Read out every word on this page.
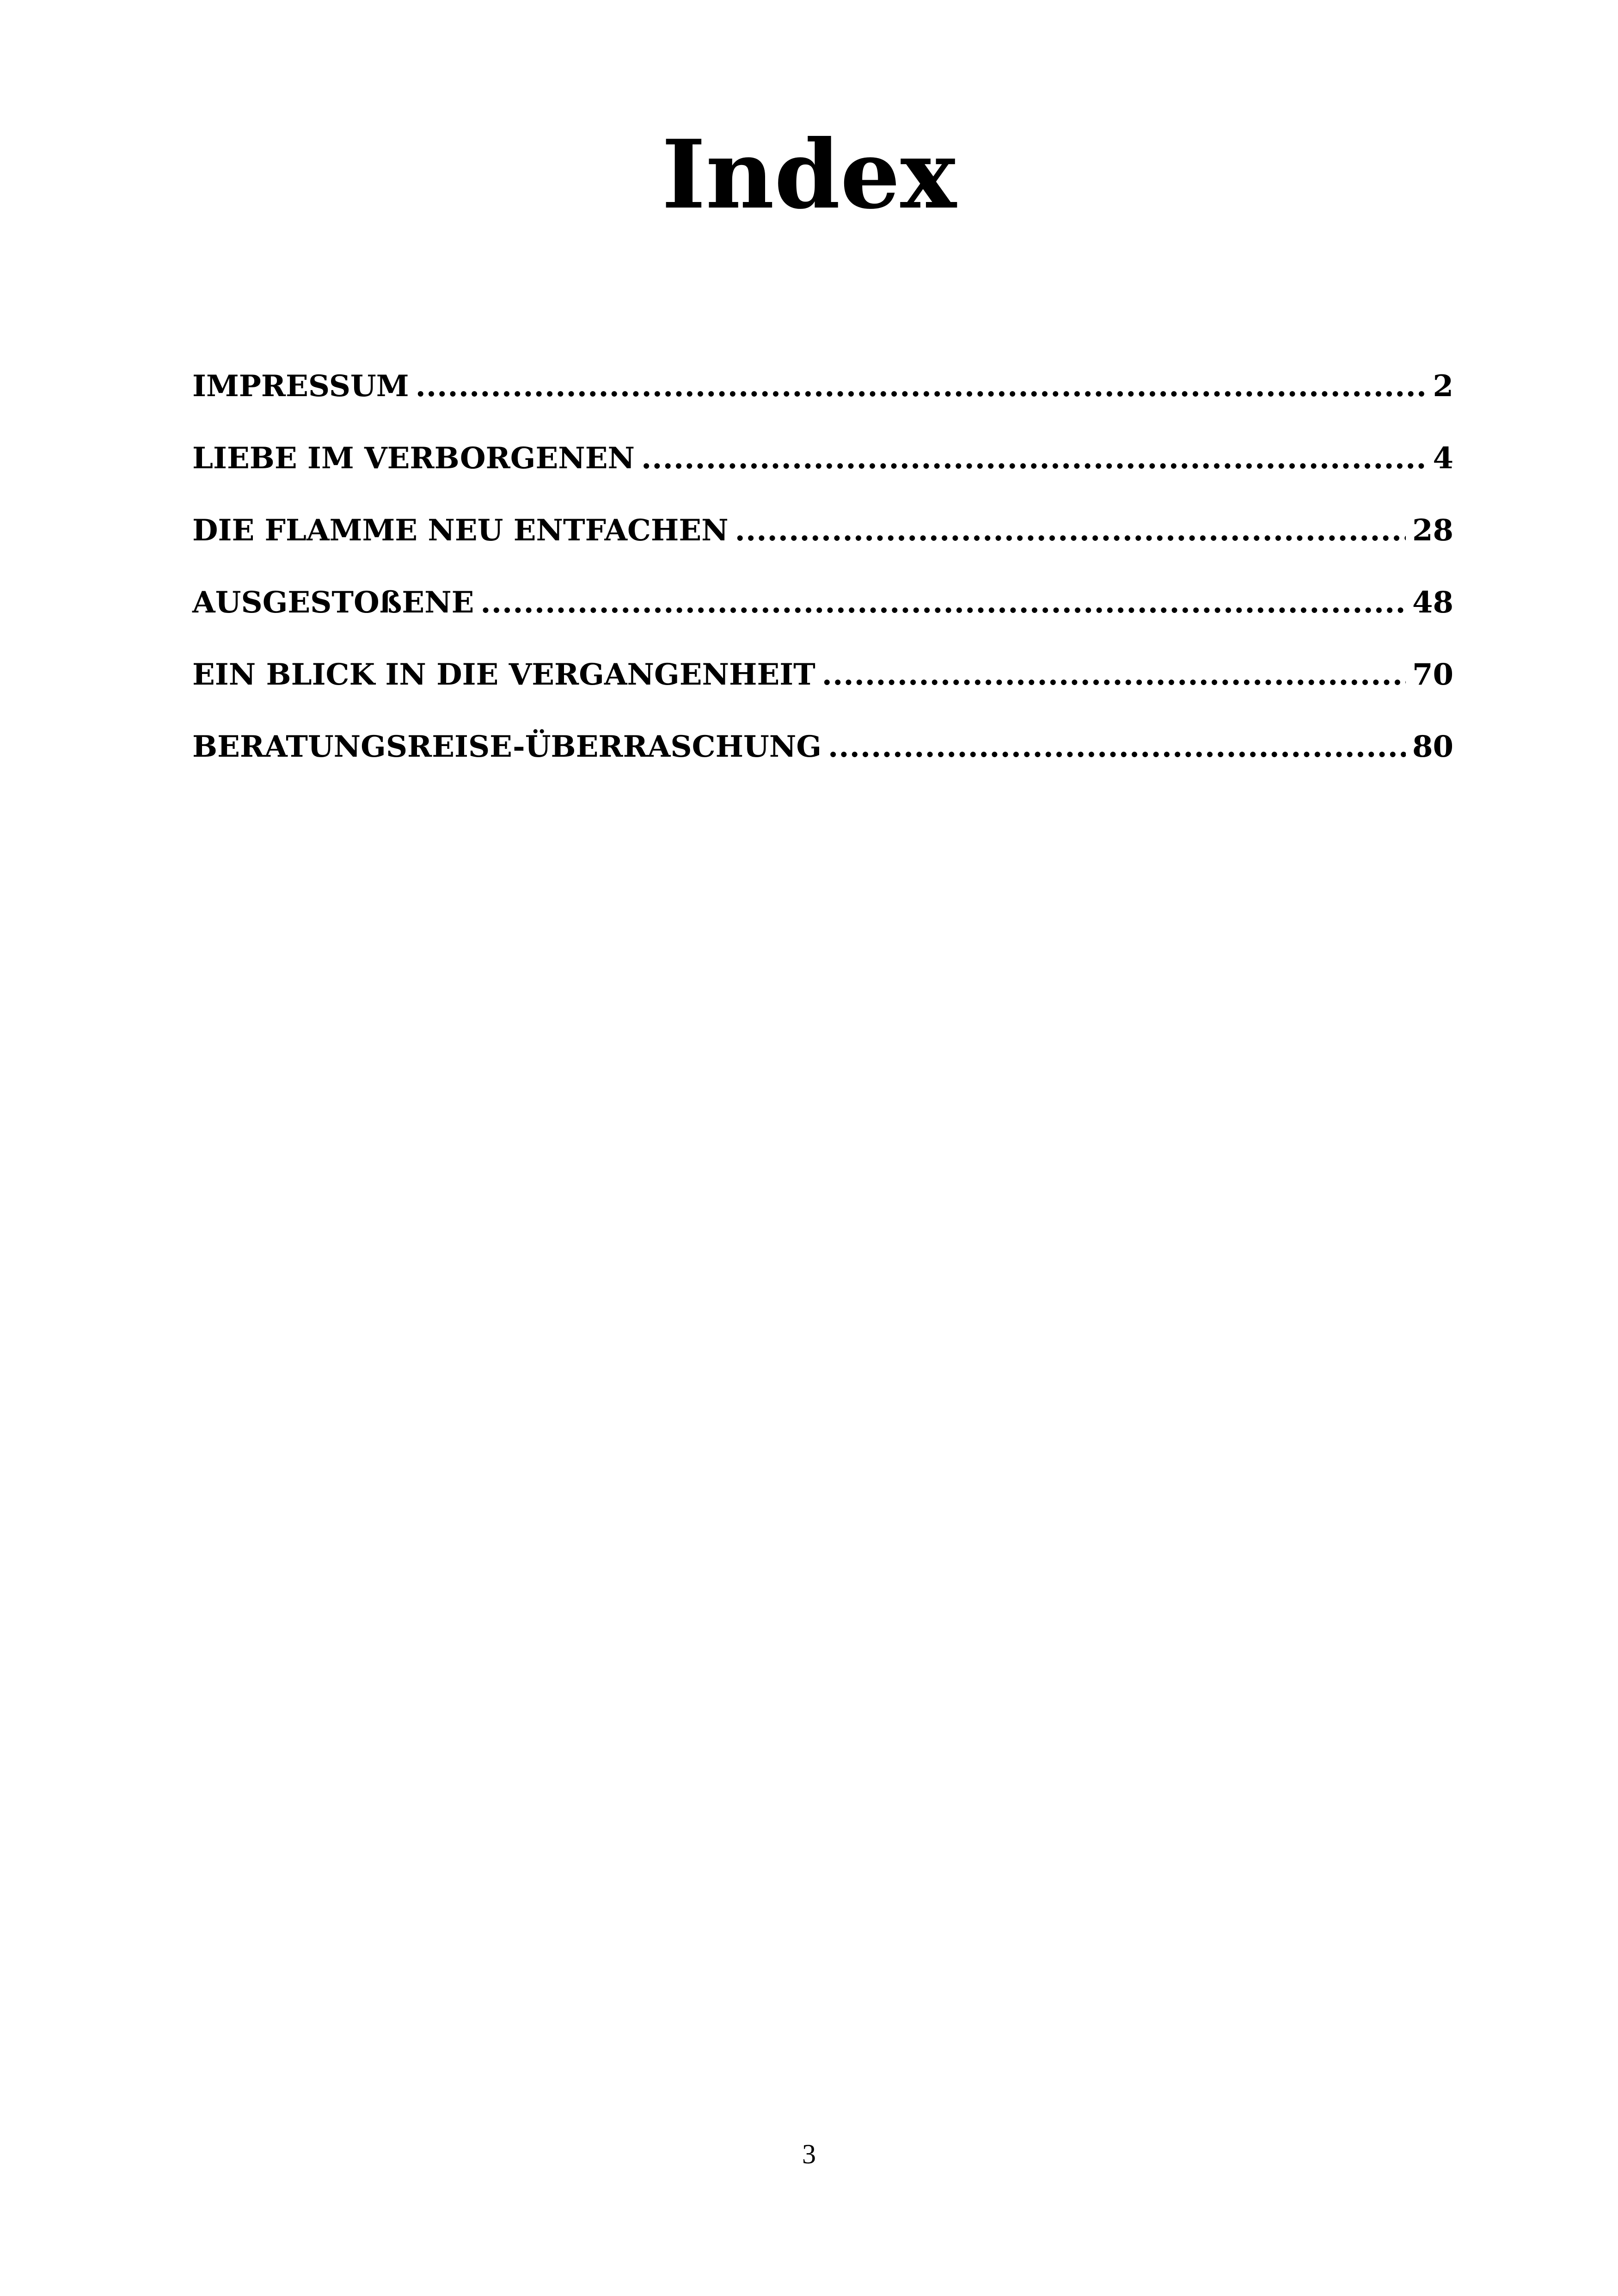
Index
IMPRESSUM .....	2
LIEBE IM VERBORGENEN .....	4
DIE FLAMME NEU ENTFACHEN .....	28
AUSGESTOßENE .....	48
EIN BLICK IN DIE VERGANGENHEIT .....	70
BERATUNGSREISE-ÜBERRASCHUNG .....	80
3
